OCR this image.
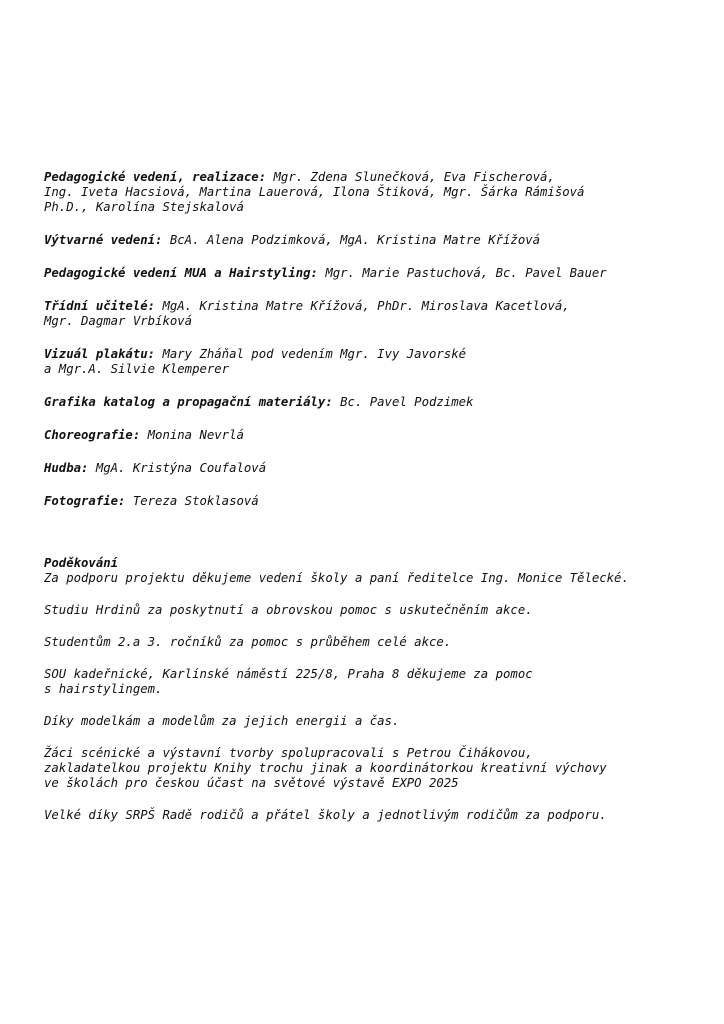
Pedagogické vedení, realizace: Mgr. Zdena Slunečková, Eva Fischerová,
Ing. Iveta Hacsiová, Martina Lauerová, Ilona Štiková, Mgr. Šárka Rámišová
Ph.D., Karolína Stejskalová

Výtvarné vedení: BcA. Alena Podzimková, MgA. Kristina Matre Křížová

Pedagogické vedení MUA a Hairstyling: Mgr. Marie Pastuchová, Bc. Pavel Bauer

Třídní učitelé: MgA. Kristina Matre Křížová, PhDr. Miroslava Kacetlová,
Mgr. Dagmar Vrbíková

Vizuál plakátu: Mary Zháňal pod vedením Mgr. Ivy Javorské
a Mgr.A. Silvie Klemperer

Grafika katalog a propagační materiály: Bc. Pavel Podzimek

Choreografie: Monina Nevrlá

Hudba: MgA. Kristýna Coufalová

Fotografie: Tereza Stoklasová

Poděkování

Za podporu projektu děkujeme vedení školy a paní ředitelce Ing. Monice Tělecké.

Studiu Hrdinů za poskytnutí a obrovskou pomoc s uskutečněním akce.

Studentům 2.a 3. ročníků za pomoc s průběhem celé akce.

SOU kadeřnické, Karlínské náměstí 225/8, Praha 8 děkujeme za pomoc
s hairstylingem.

Díky modelkám a modelům za jejich energii a čas.

Žáci scénické a výstavní tvorby spolupracovali s Petrou Čihákovou,
zakladatelkou projektu Knihy trochu jinak a koordinátorkou kreativní výchovy
ve školách pro českou účast na světové výstavě EXPO 2025

Velké díky SRPŠ Radě rodičů a přátel školy a jednotlivým rodičům za podporu.
